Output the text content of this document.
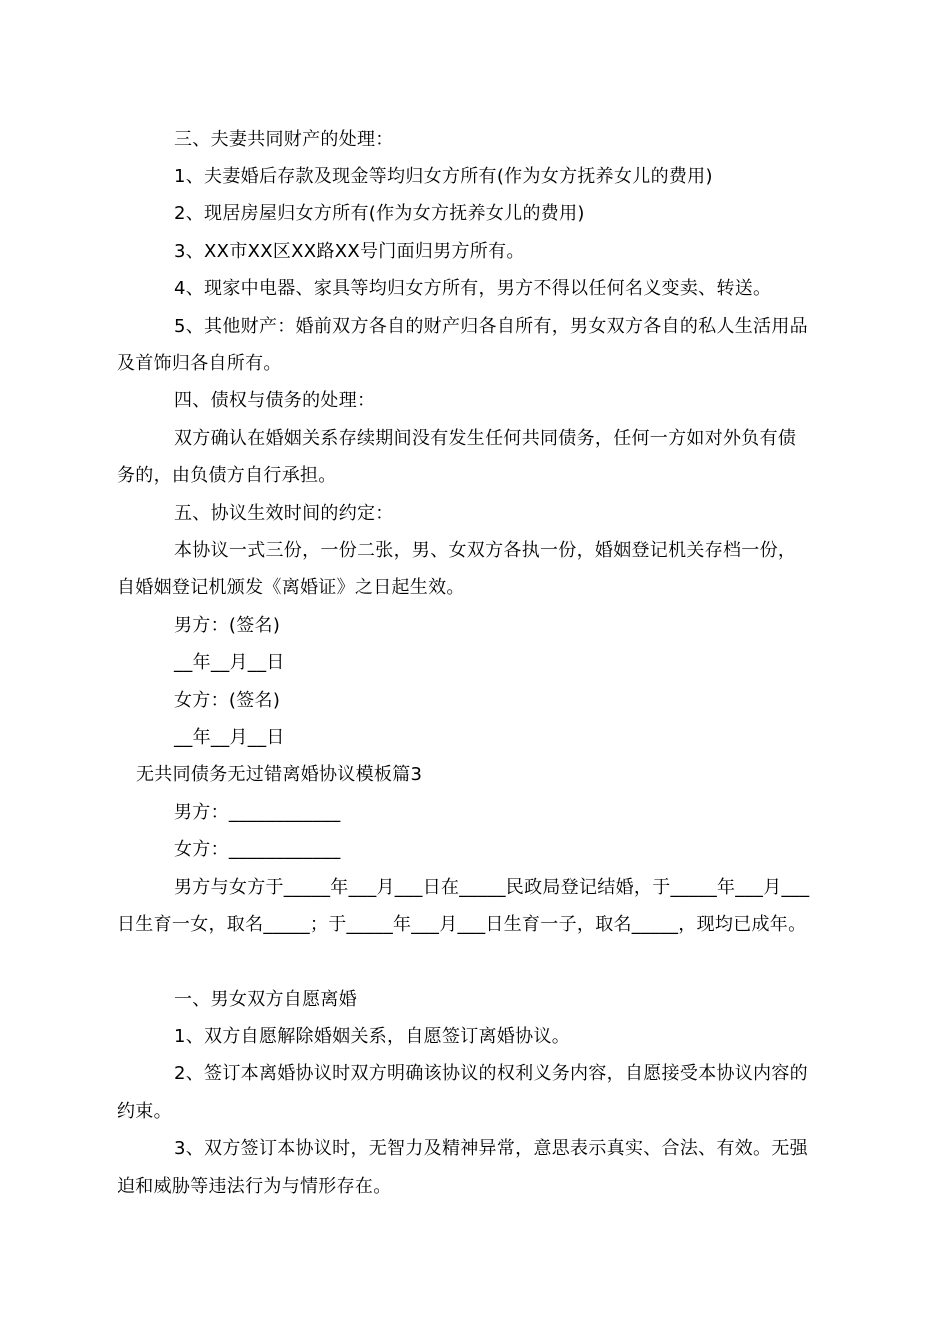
三、夫妻共同财产的处理：
1、夫妻婚后存款及现金等均归女方所有(作为女方抚养女儿的费用)
2、现居房屋归女方所有(作为女方抚养女儿的费用)
3、XX市XX区XX路XX号门面归男方所有。
4、现家中电器、家具等均归女方所有，男方不得以任何名义变卖、转送。
5、其他财产：婚前双方各自的财产归各自所有，男女双方各自的私人生活用品
及首饰归各自所有。
四、债权与债务的处理：
双方确认在婚姻关系存续期间没有发生任何共同债务，任何一方如对外负有债
务的，由负债方自行承担。
五、协议生效时间的约定：
本协议一式三份，一份二张，男、女双方各执一份，婚姻登记机关存档一份，
自婚姻登记机颁发《离婚证》之日起生效。
男方：(签名)
__年__月__日
女方：(签名)
__年__月__日
无共同债务无过错离婚协议模板篇3
男方：____________
女方：____________
男方与女方于_____年___月___日在_____民政局登记结婚，于_____年___月___
日生育一女，取名_____；于_____年___月___日生育一子，取名_____，现均已成年。
一、男女双方自愿离婚
1、双方自愿解除婚姻关系，自愿签订离婚协议。
2、签订本离婚协议时双方明确该协议的权利义务内容，自愿接受本协议内容的
约束。
3、双方签订本协议时，无智力及精神异常，意思表示真实、合法、有效。无强
迫和威胁等违法行为与情形存在。
